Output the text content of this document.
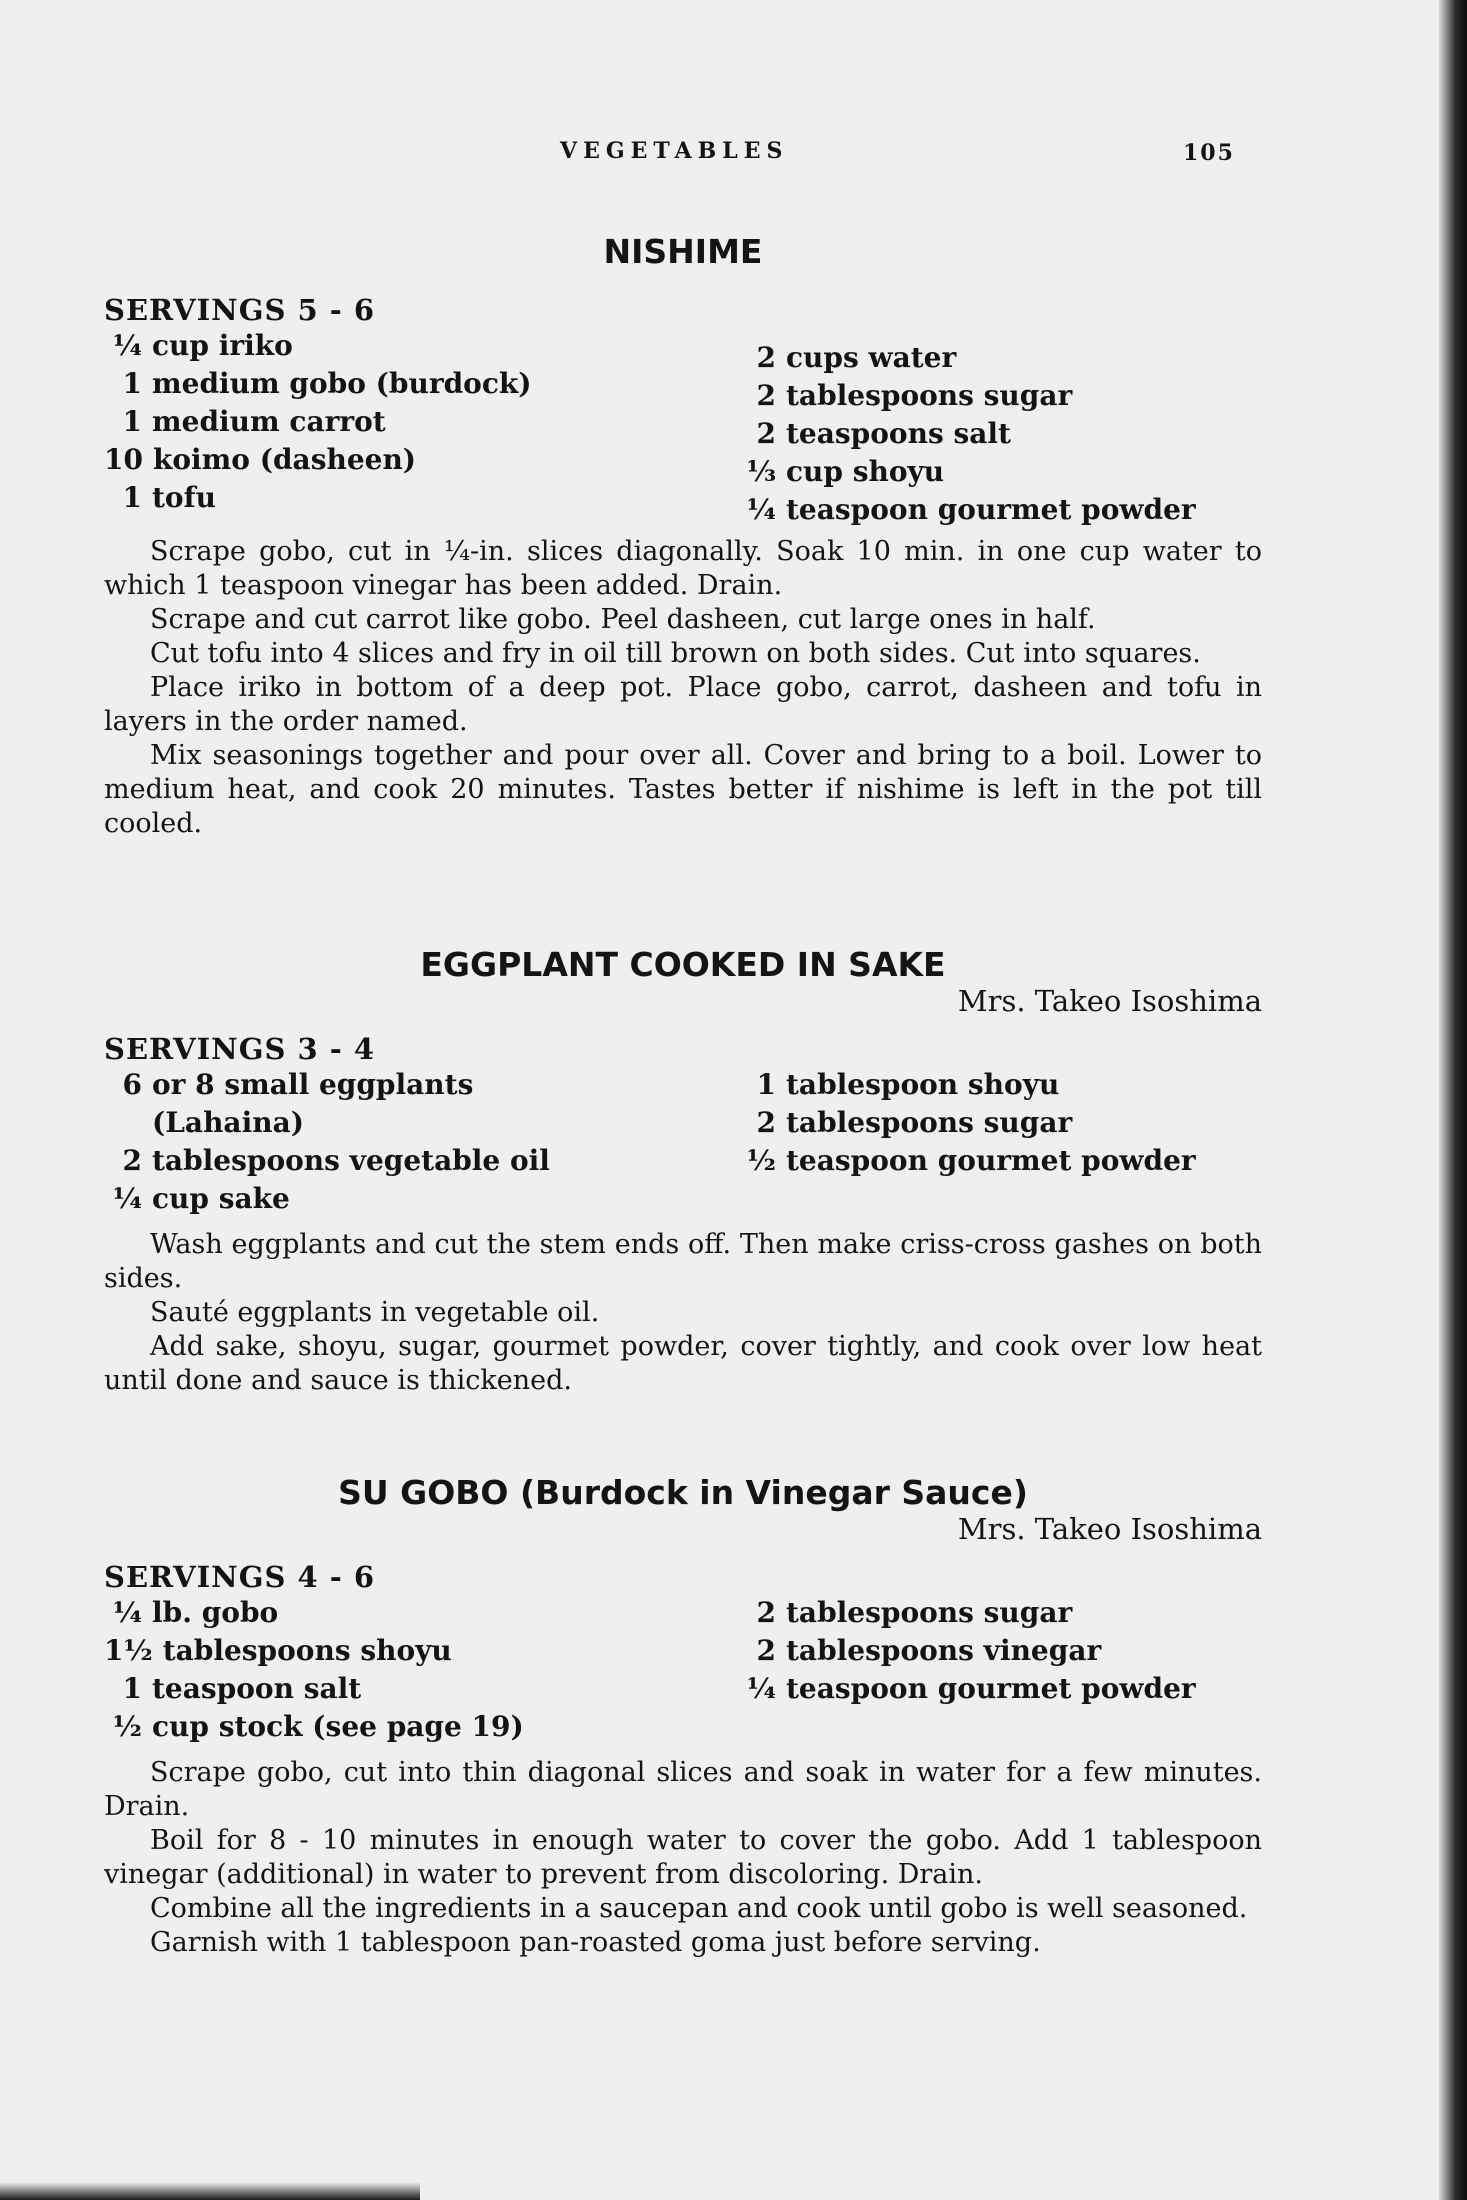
VEGETABLES	105
NISHIME

SERVINGS 5 - 6

¼ cup iriko
1 medium gobo (burdock)
1 medium carrot
10 koimo (dasheen)
1 tofu
2 cups water
2 tablespoons sugar
2 teaspoons salt
⅓ cup shoyu
¼ teaspoon gourmet powder

Scrape gobo, cut in ¼-in. slices diagonally. Soak 10 min. in one cup water to which 1 teaspoon vinegar has been added. Drain.

Scrape and cut carrot like gobo. Peel dasheen, cut large ones in half.

Cut tofu into 4 slices and fry in oil till brown on both sides. Cut into squares.

Place iriko in bottom of a deep pot. Place gobo, carrot, dasheen and tofu in layers in the order named.

Mix seasonings together and pour over all. Cover and bring to a boil. Lower to medium heat, and cook 20 minutes. Tastes better if nishime is left in the pot till cooled.

EGGPLANT COOKED IN SAKE

Mrs. Takeo Isoshima

SERVINGS 3 - 4

6 or 8 small eggplants
(Lahaina)
2 tablespoons vegetable oil
¼ cup sake
1 tablespoon shoyu
2 tablespoons sugar
½ teaspoon gourmet powder

Wash eggplants and cut the stem ends off. Then make criss-cross gashes on both sides.

Sauté eggplants in vegetable oil.

Add sake, shoyu, sugar, gourmet powder, cover tightly, and cook over low heat until done and sauce is thickened.

SU GOBO (Burdock in Vinegar Sauce)

Mrs. Takeo Isoshima

SERVINGS 4 - 6

¼ lb. gobo
1½ tablespoons shoyu
1 teaspoon salt
½ cup stock (see page 19)
2 tablespoons sugar
2 tablespoons vinegar
¼ teaspoon gourmet powder

Scrape gobo, cut into thin diagonal slices and soak in water for a few minutes. Drain.

Boil for 8 - 10 minutes in enough water to cover the gobo. Add 1 tablespoon vinegar (additional) in water to prevent from discoloring. Drain.

Combine all the ingredients in a saucepan and cook until gobo is well seasoned.

Garnish with 1 tablespoon pan-roasted goma just before serving.
